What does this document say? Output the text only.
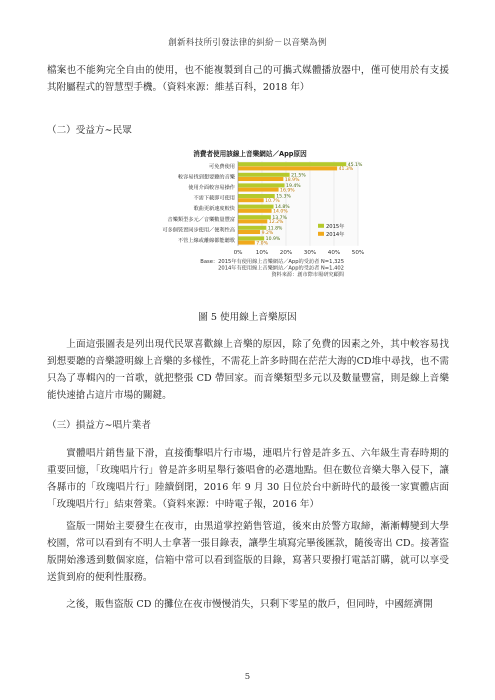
創新科技所引發法律的糾紛－以音樂為例

檔案也不能夠完全自由的使用，也不能複製到自己的可攜式媒體播放器中，僅可使用於有支援其附屬程式的智慧型手機。（資料來源：維基百科，2018 年）

（二）受益方∼民眾
消費者使用該線上音樂網站／App原因
0% 10% 20% 30% 40% 50%
可免費使用	45.1%
41.3%
較容易找到想要聽的音樂	21.5%
18.9%
使用介面較容易操作	19.4%
16.9%
不需下載即可使用	15.3%
10.7%
歌曲更新速度較快	14.8%
14.0%
音樂類型多元／音樂數量豐富	13.7%
12.2%
可多個裝置同步使用／便利性高	11.8%
9.2%
不管上線或離線都能聽歌	10.9%
7.0%
2015年
2014年
Base：2015年有使用線上音樂網站／App的受訪者 N=1,325
2014年有使用線上音樂網站／App的受訪者 N=1,402
資料來源：創市際市場研究顧問
圖 5 使用線上音樂原因

上面這張圖表是列出現代民眾喜歡線上音樂的原因，除了免費的因素之外，其中較容易找到想要聽的音樂證明線上音樂的多樣性，不需花上許多時間在茫茫大海的CD堆中尋找，也不需只為了專輯內的一首歌，就把整張 CD 帶回家。而音樂類型多元以及數量豐富，則是線上音樂能快速搶占這片市場的關鍵。

（三）損益方∼唱片業者

實體唱片銷售量下滑，直接衝擊唱片行市場，連唱片行曾是許多五、六年級生青春時期的重要回憶，「玫瑰唱片行」曾是許多明星舉行簽唱會的必選地點。但在數位音樂大舉入侵下，讓各縣市的「玫瑰唱片行」陸續倒閉，2016 年 9 月 30 日位於台中新時代的最後一家實體店面「玫瑰唱片行」結束營業。（資料來源：中時電子報，2016 年）

盜版一開始主要發生在夜市，由黑道掌控銷售管道，後來由於警方取締，漸漸轉變到大學校園，常可以看到有不明人士拿著一張目錄表，讓學生填寫完畢後匯款，隨後寄出 CD。接著盜版開始滲透到數個家庭，信箱中常可以看到盜版的目錄，寫著只要撥打電話訂購，就可以享受送貨到府的便利性服務。

之後，販售盜版 CD 的攤位在夜市慢慢消失，只剩下零星的散戶，但同時，中國經濟開

5
